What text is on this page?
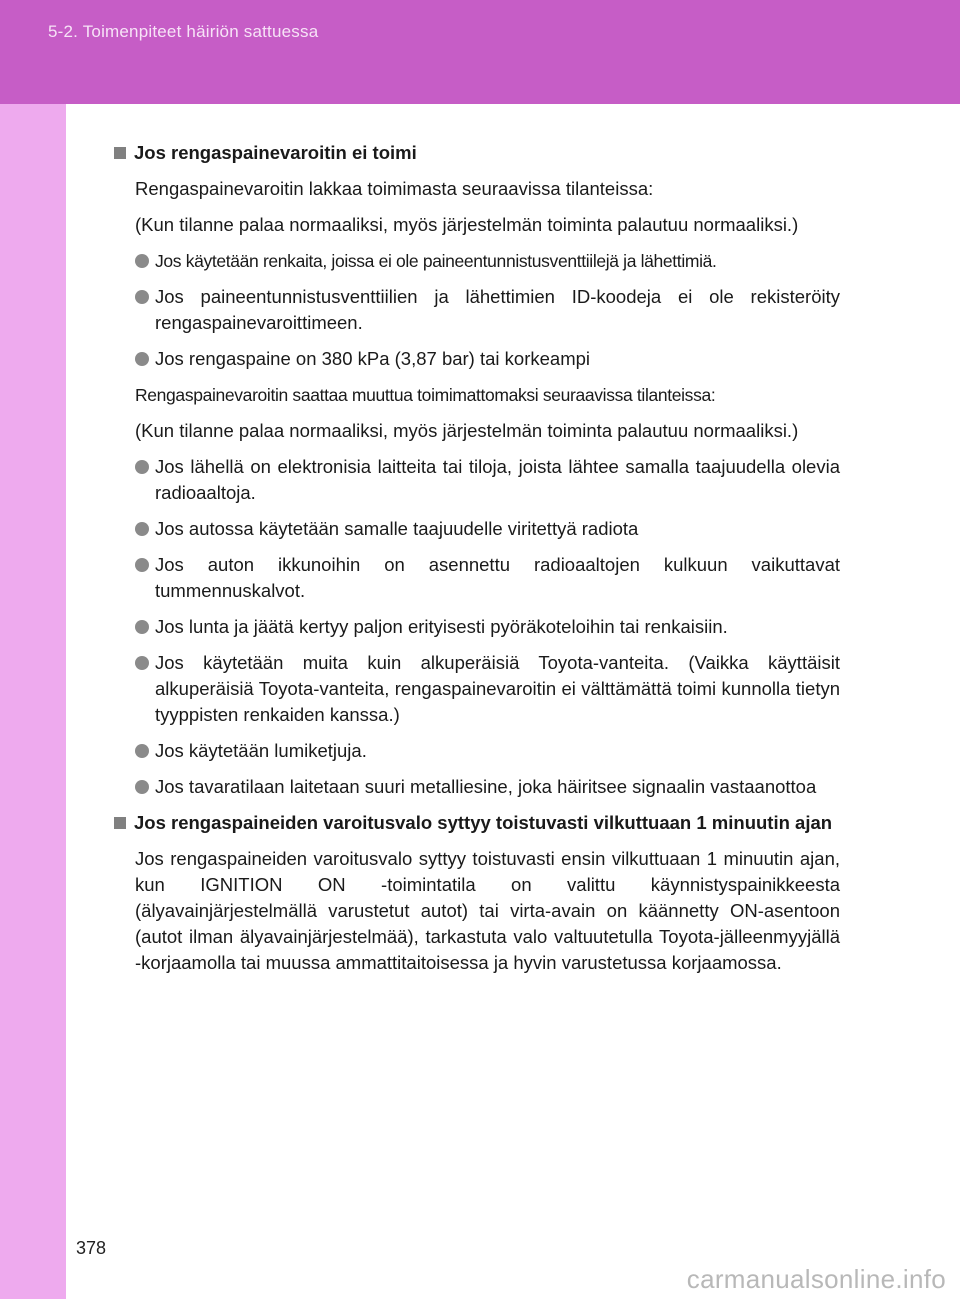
5-2. Toimenpiteet häiriön sattuessa
Jos rengaspainevaroitin ei toimi

Rengaspainevaroitin lakkaa toimimasta seuraavissa tilanteissa:

(Kun tilanne palaa normaaliksi, myös järjestelmän toiminta palautuu normaaliksi.)

Jos käytetään renkaita, joissa ei ole paineentunnistusventtiilejä ja lähettimiä.
Jos paineentunnistusventtiilien ja lähettimien ID-koodeja ei ole rekisteröity rengaspainevaroittimeen.
Jos rengaspaine on 380 kPa (3,87 bar) tai korkeampi

Rengaspainevaroitin saattaa muuttua toimimattomaksi seuraavissa tilanteissa:

(Kun tilanne palaa normaaliksi, myös järjestelmän toiminta palautuu normaaliksi.)

Jos lähellä on elektronisia laitteita tai tiloja, joista lähtee samalla taajuudella olevia radioaaltoja.
Jos autossa käytetään samalle taajuudelle viritettyä radiota
Jos auton ikkunoihin on asennettu radioaaltojen kulkuun vaikuttavat tummennuskalvot.
Jos lunta ja jäätä kertyy paljon erityisesti pyöräkoteloihin tai renkaisiin.
Jos käytetään muita kuin alkuperäisiä Toyota-vanteita. (Vaikka käyttäisit alkuperäisiä Toyota-vanteita, rengaspainevaroitin ei välttämättä toimi kunnolla tietyn tyyppisten renkaiden kanssa.)
Jos käytetään lumiketjuja.
Jos tavaratilaan laitetaan suuri metalliesine, joka häiritsee signaalin vastaanottoa
Jos rengaspaineiden varoitusvalo syttyy toistuvasti vilkuttuaan 1 minuutin ajan

Jos rengaspaineiden varoitusvalo syttyy toistuvasti ensin vilkuttuaan 1 minuutin ajan, kun IGNITION ON -toimintatila on valittu käynnistyspainikkeesta (älyavainjärjestelmällä varustetut autot) tai virta-avain on käännetty ON-asentoon (autot ilman älyavainjärjestelmää), tarkastuta valo valtuutetulla Toyota-jälleenmyyjällä -korjaamolla tai muussa ammattitaitoisessa ja hyvin varustetussa korjaamossa.

378
carmanualsonline.info
